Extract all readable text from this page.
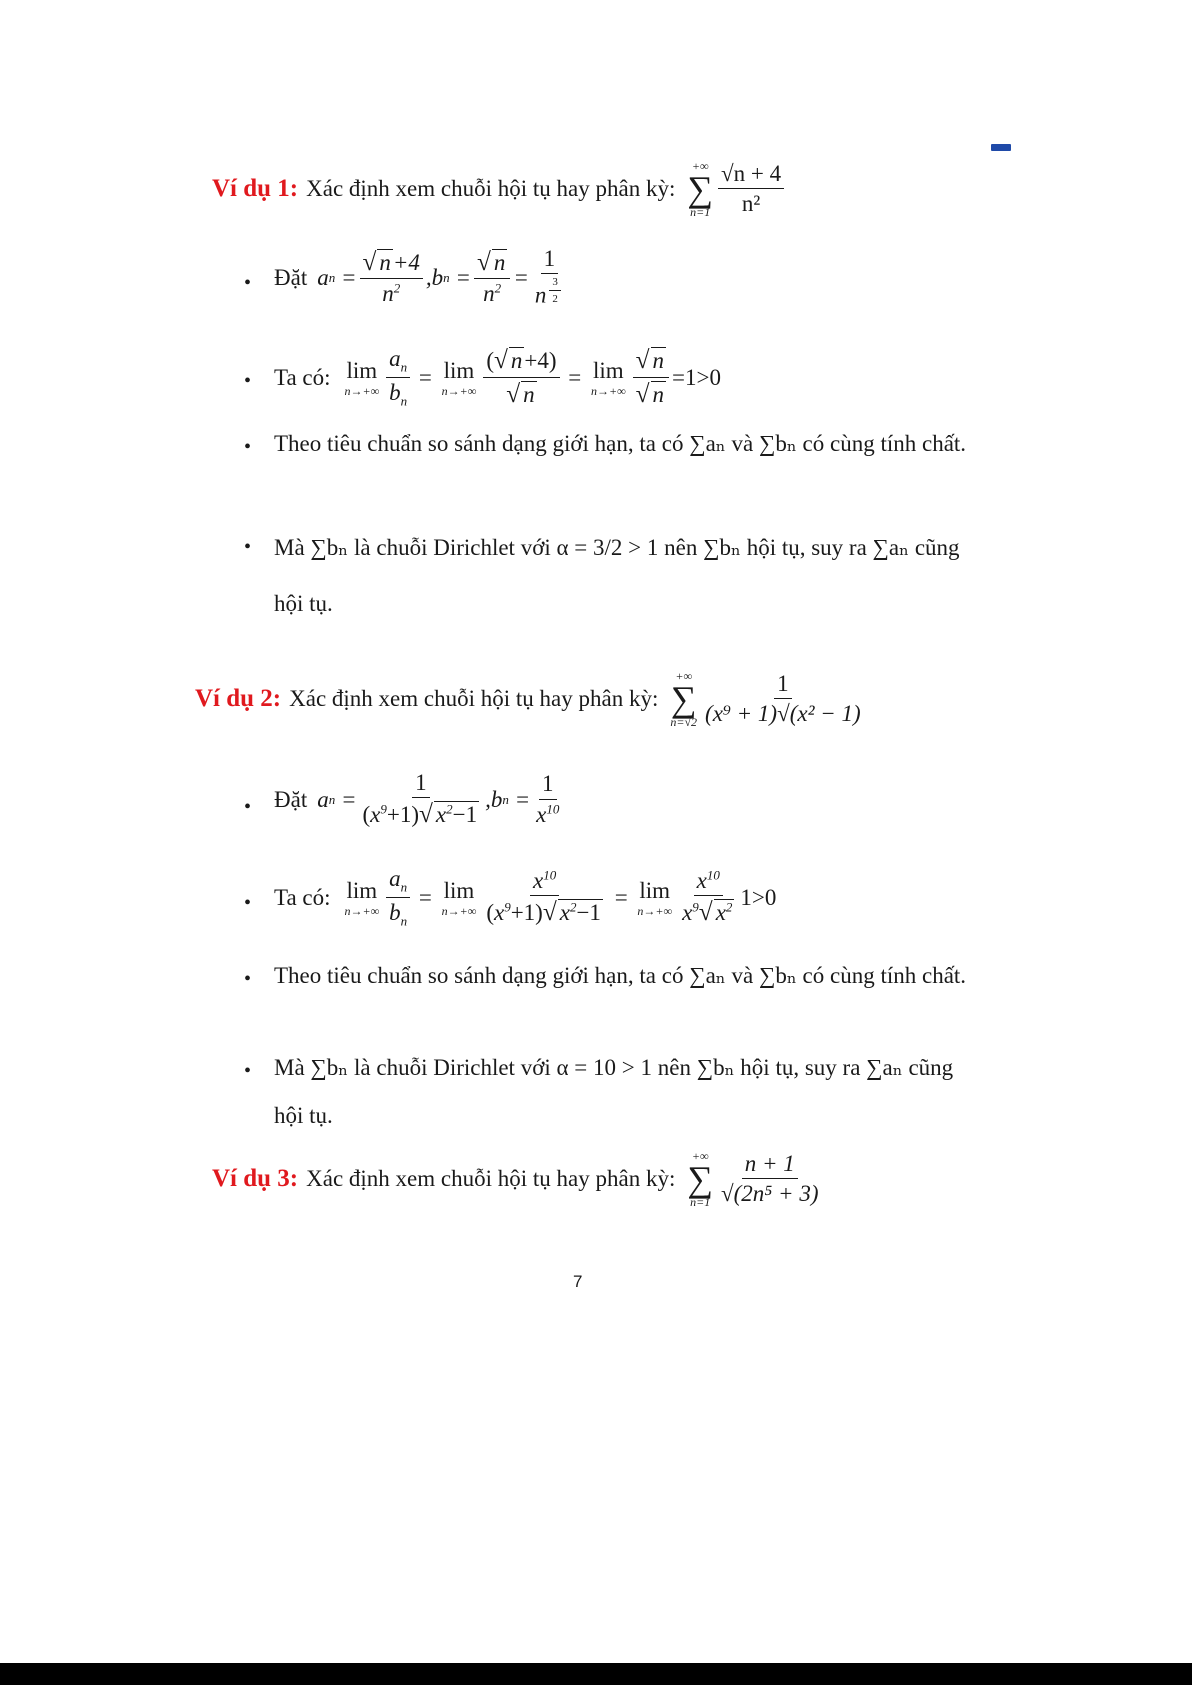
Ví dụ 1: Xác định xem chuỗi hội tụ hay phân kỳ:
+∞
∑
$n=1 \frac{√n + 4}{\text{n²}}$
• Đặt a $n = \frac{√ n+4}{n^2} ,b$ $n = \frac{√ n}{n^2} = 1$
n $^{\frac{3}{2}}$
• Ta có: lim
$n\to+\infty \frac{a_n}{b_n} = \lim$
$n\to+\infty \frac{(√ n+4)}{√ n} = \lim$
$n\to+\infty \frac{√ n}{√ n} =1>0$
• Theo tiêu chuẩn so sánh dạng giới hạn, ta có ∑aₙ và ∑bₙ có cùng tính chất.
• Mà ∑bₙ là chuỗi Dirichlet với α = 3/2 > 1 nên ∑bₙ hội tụ, suy ra ∑aₙ cũng hội tụ.
Ví dụ 2: Xác định xem chuỗi hội tụ hay phân kỳ:
+∞
∑
$n=√2 \frac{1}{\text{(x⁹ + 1)√(x² − 1)}}$
• Đặt a $n = \frac{1}{(x^9+1)√ x^2-1} ,b$ $n = \frac{1}{x^{10}}$
• Ta có: lim
$n\to+\infty \frac{a_n}{b_n} = \lim$
$n\to+\infty \frac{x^{10}}{(x^9+1)√ x^2-1} = \lim$
$n\to+\infty \frac{x^{10}}{x^9√ x^2} 1>0$
• Theo tiêu chuẩn so sánh dạng giới hạn, ta có ∑aₙ và ∑bₙ có cùng tính chất.
• Mà ∑bₙ là chuỗi Dirichlet với α = 10 > 1 nên ∑bₙ hội tụ, suy ra ∑aₙ cũng hội tụ.
Ví dụ 3: Xác định xem chuỗi hội tụ hay phân kỳ:
+∞
∑
$n=1 \frac{n + 1}{\text{√(2n⁵ + 3)}}$
7
